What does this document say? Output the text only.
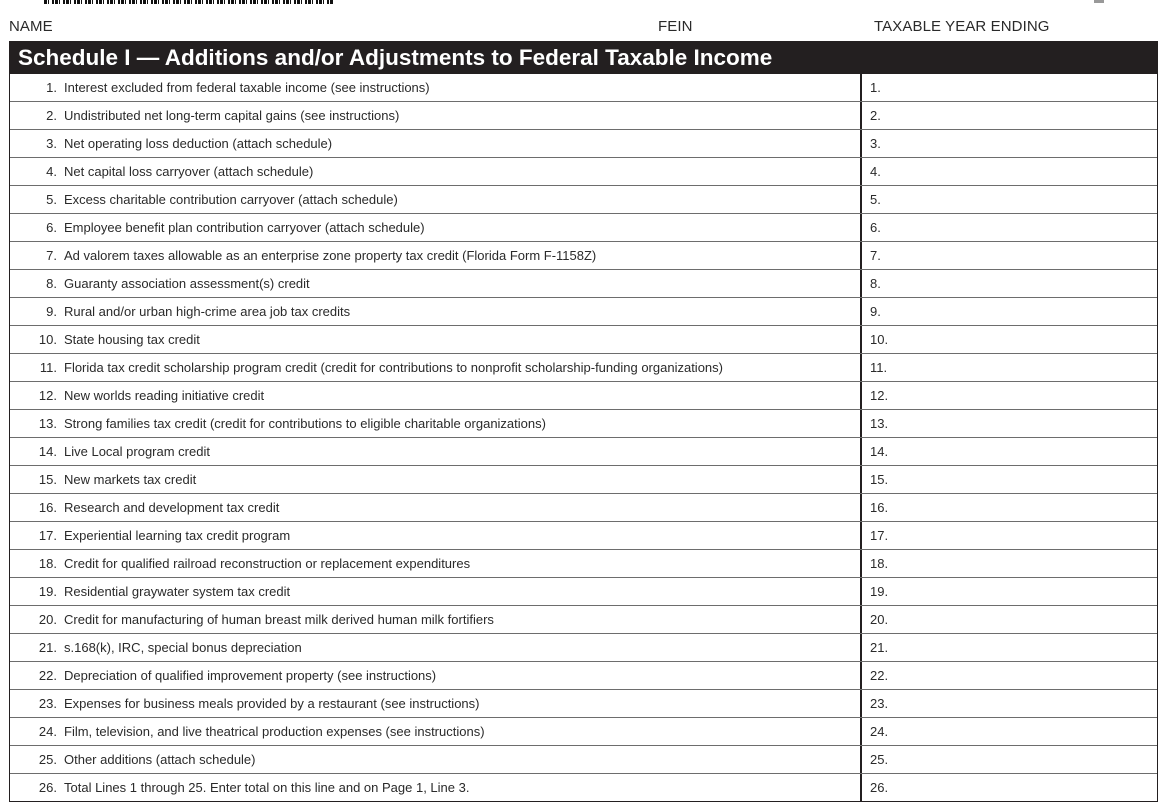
NAME	FEIN	TAXABLE YEAR ENDING
Schedule I — Additions and/or Adjustments to Federal Taxable Income
1. Interest excluded from federal taxable income (see instructions)	1.
2. Undistributed net long-term capital gains (see instructions)	2.
3. Net operating loss deduction (attach schedule)	3.
4. Net capital loss carryover (attach schedule)	4.
5. Excess charitable contribution carryover (attach schedule)	5.
6. Employee benefit plan contribution carryover (attach schedule)	6.
7. Ad valorem taxes allowable as an enterprise zone property tax credit (Florida Form F-1158Z)	7.
8. Guaranty association assessment(s) credit	8.
9. Rural and/or urban high-crime area job tax credits	9.
10. State housing tax credit	10.
11. Florida tax credit scholarship program credit (credit for contributions to nonprofit scholarship-funding organizations)	11.
12. New worlds reading initiative credit	12.
13. Strong families tax credit (credit for contributions to eligible charitable organizations)	13.
14. Live Local program credit	14.
15. New markets tax credit	15.
16. Research and development tax credit	16.
17. Experiential learning tax credit program	17.
18. Credit for qualified railroad reconstruction or replacement expenditures	18.
19. Residential graywater system tax credit	19.
20. Credit for manufacturing of human breast milk derived human milk fortifiers	20.
21. s.168(k), IRC, special bonus depreciation	21.
22. Depreciation of qualified improvement property (see instructions)	22.
23. Expenses for business meals provided by a restaurant (see instructions)	23.
24. Film, television, and live theatrical production expenses (see instructions)	24.
25. Other additions (attach schedule)	25.
26. Total Lines 1 through 25. Enter total on this line and on Page 1, Line 3.	26.
